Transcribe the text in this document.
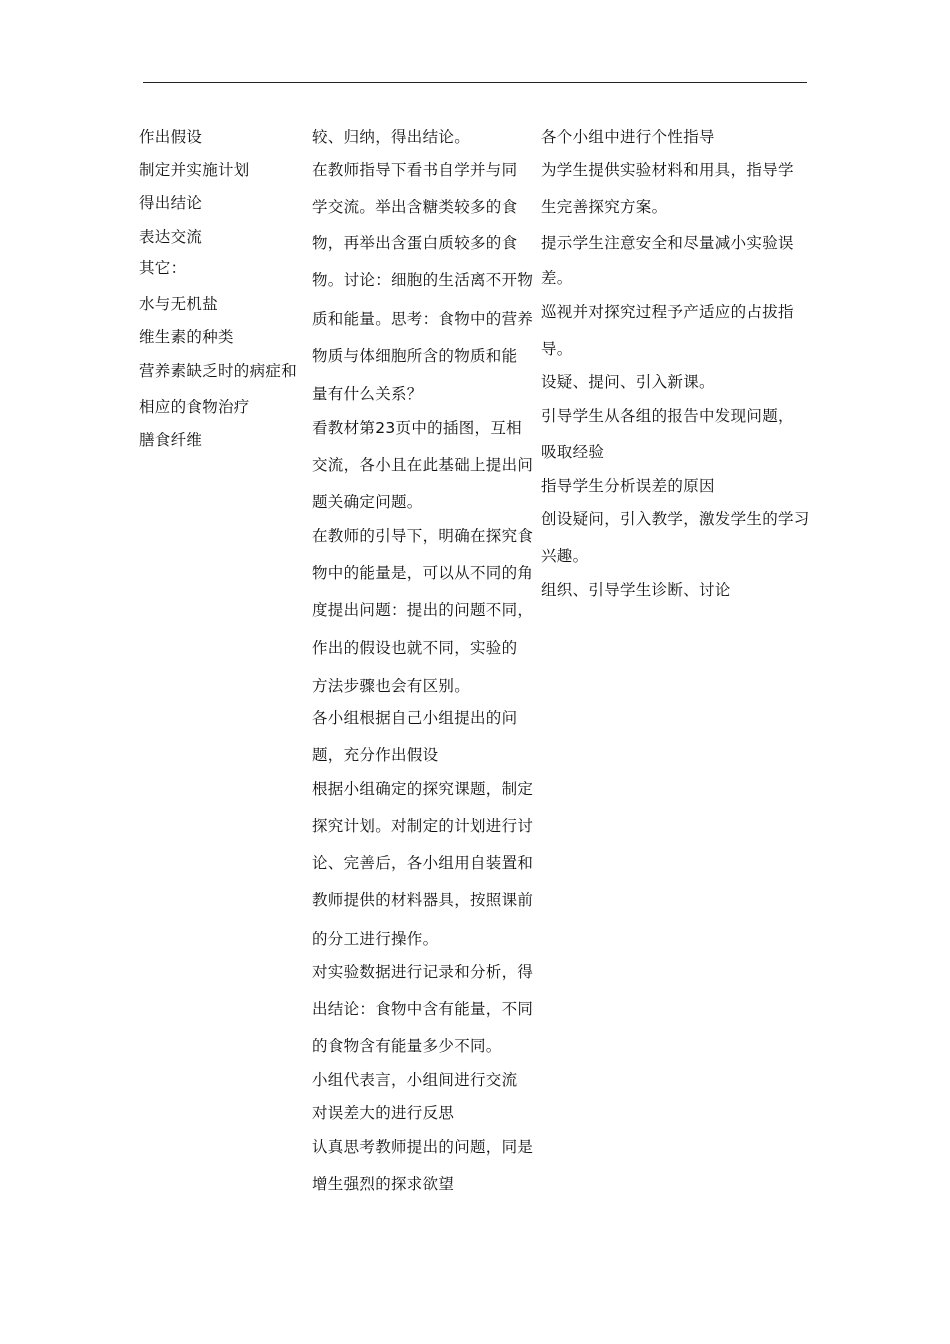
作出假设
制定并实施计划
得出结论
表达交流
其它：
水与无机盐
维生素的种类
营养素缺乏时的病症和
相应的食物治疗
膳食纤维
较、归纳，得出结论。
在教师指导下看书自学并与同
学交流。举出含糖类较多的食
物，再举出含蛋白质较多的食
物。讨论：细胞的生活离不开物
质和能量。思考：食物中的营养
物质与体细胞所含的物质和能
量有什么关系？
看教材第23页中的插图，互相
交流，各小且在此基础上提出问
题关确定问题。
在教师的引导下，明确在探究食
物中的能量是，可以从不同的角
度提出问题：提出的问题不同，
作出的假设也就不同，实验的
方法步骤也会有区别。
各小组根据自己小组提出的问
题，充分作出假设
根据小组确定的探究课题，制定
探究计划。对制定的计划进行讨
论、完善后，各小组用自装置和
教师提供的材料器具，按照课前
的分工进行操作。
对实验数据进行记录和分析，得
出结论：食物中含有能量，不同
的食物含有能量多少不同。
小组代表言，小组间进行交流
对误差大的进行反思
认真思考教师提出的问题，同是
增生强烈的探求欲望
各个小组中进行个性指导
为学生提供实验材料和用具，指导学
生完善探究方案。
提示学生注意安全和尽量减小实验误
差。
巡视并对探究过程予产适应的占拔指
导。
设疑、提问、引入新课。
引导学生从各组的报告中发现问题，
吸取经验
指导学生分析误差的原因
创设疑问，引入教学，激发学生的学习
兴趣。
组织、引导学生诊断、讨论
